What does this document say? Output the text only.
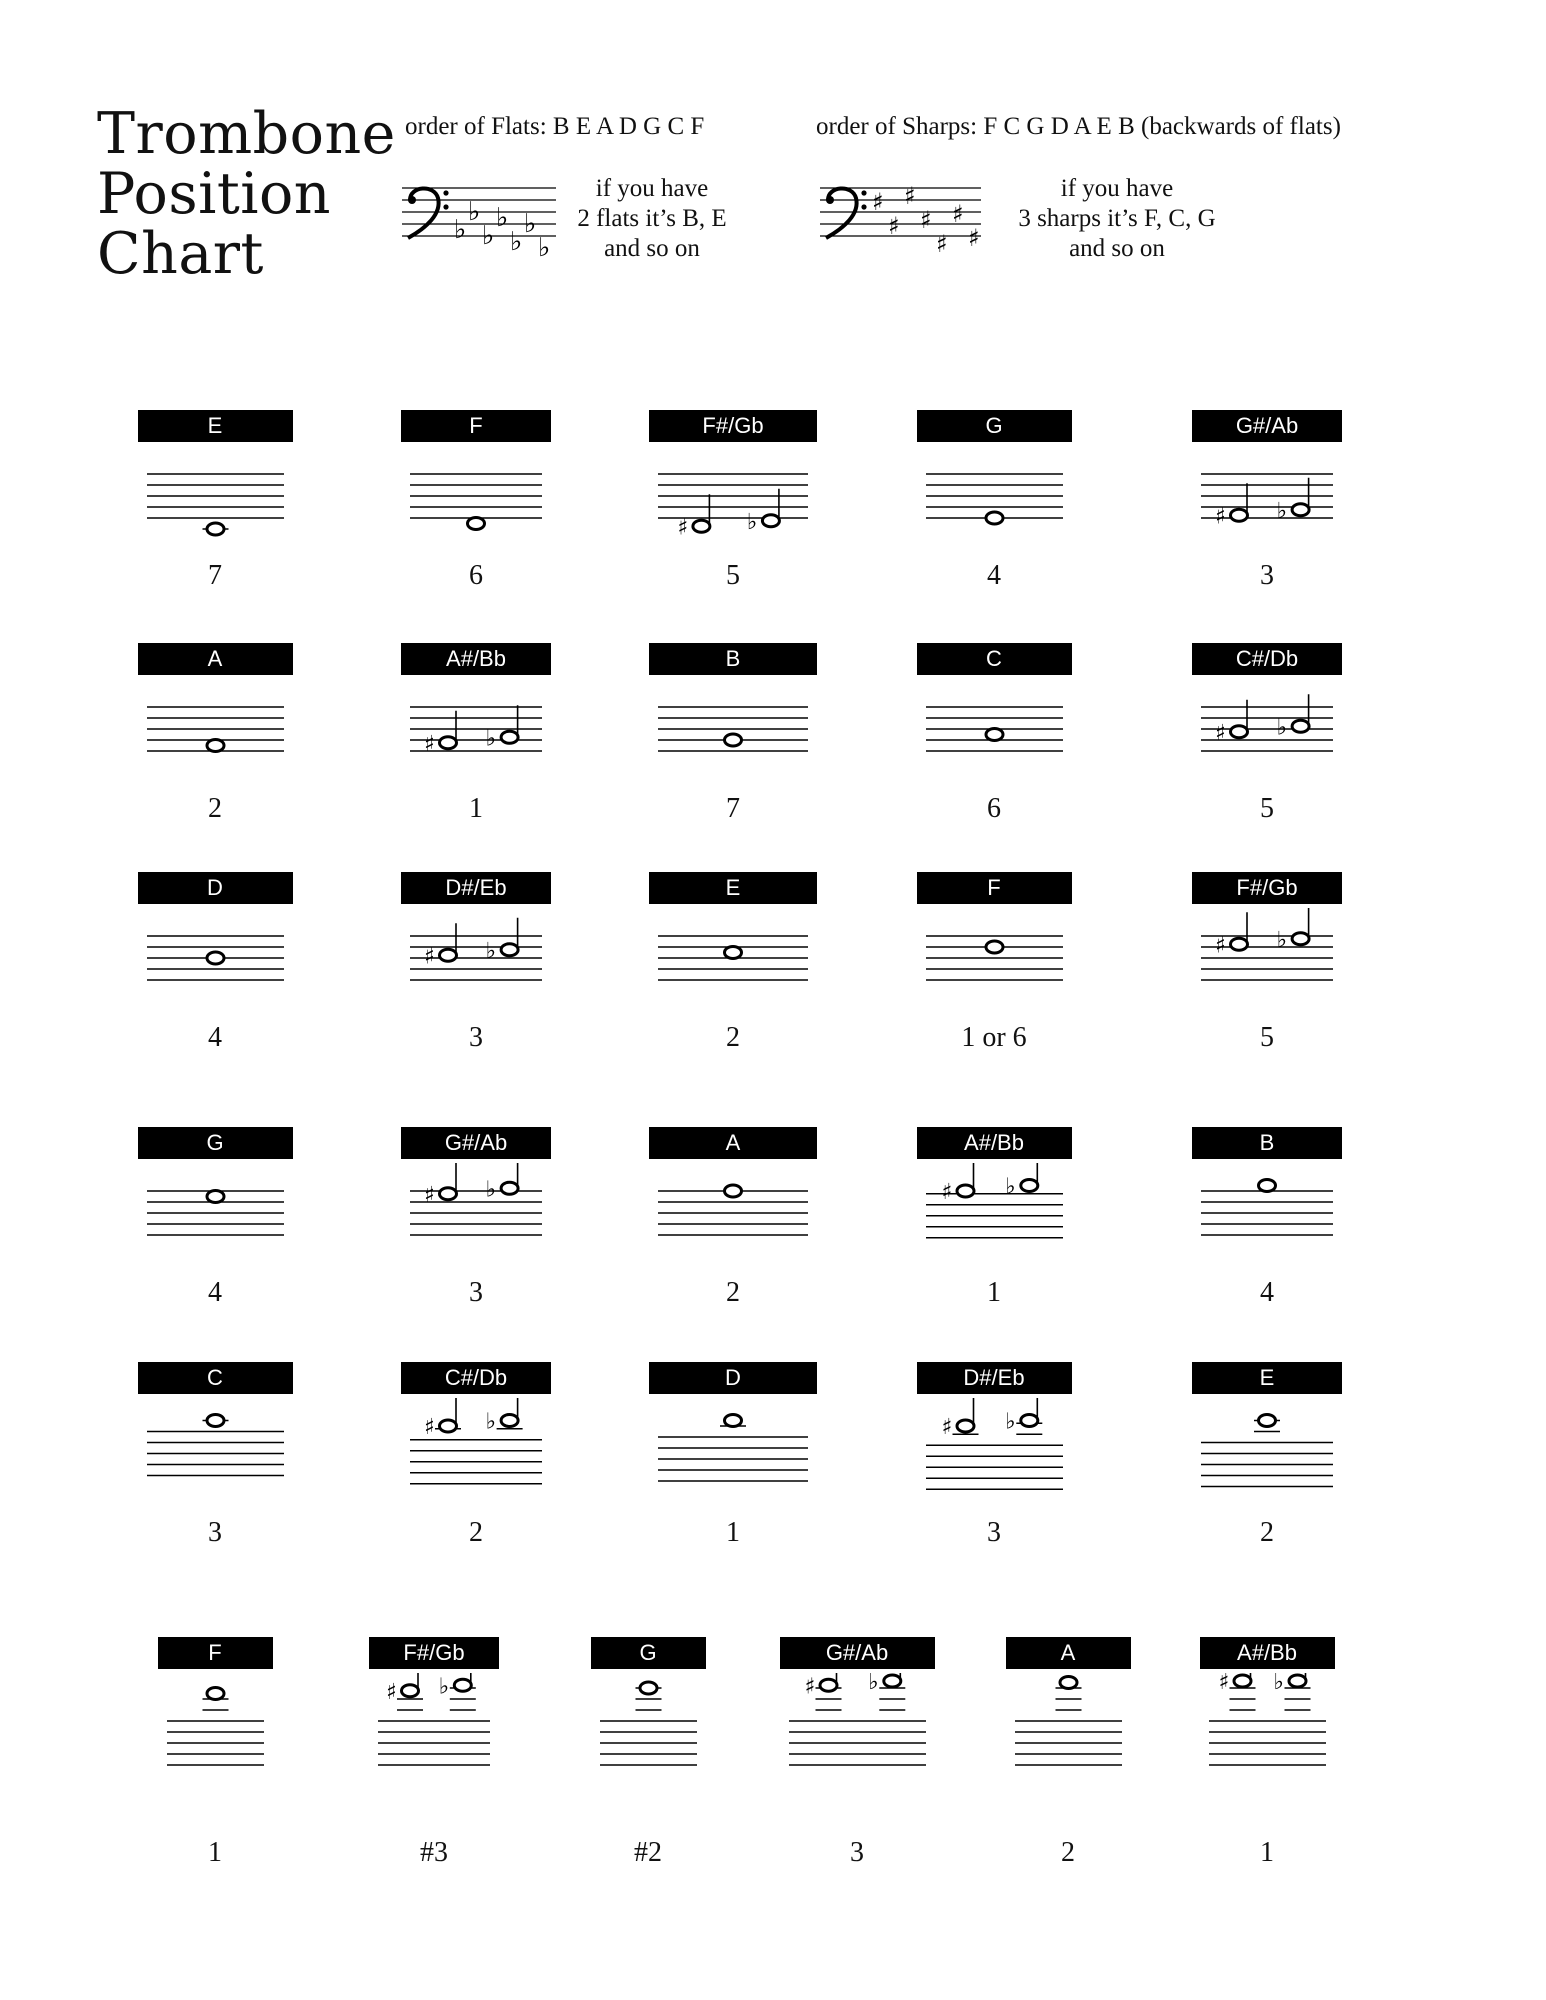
Trombone
Position
Chart
order of Flats: B E A D G C F	order of Sharps: F C G D A E B (backwards of flats)
♭
♭
♭
♭
♭
♭
♭
if you have
2 flats it’s B, E
and so on
♯
♯
♯
♯
♯
♯
♯
if you have
3 sharps it’s F, C, G
and so on
E
7
F
6
F#/Gb
♯	♭
5
G
4
G#/Ab
♯ ♭
3
A
2
A#/Bb
♯ ♭
1
B
7
C
6
C#/Db
♯ ♭
5
D
4
D#/Eb
♯ ♭
3
E
2
F
1 or 6
F#/Gb
♯ ♭
5
G
4
G#/Ab
♯ ♭
3
A
2
A#/Bb
♯ ♭
1
B
4
C
3
C#/Db
♯ ♭
2
D
1
D#/Eb
♯ ♭
3
E
2
F
1
F#/Gb
♯ ♭
#3
G
#2
G#/Ab
♯ ♭
3
A
2
A#/Bb
♯ ♭
1
